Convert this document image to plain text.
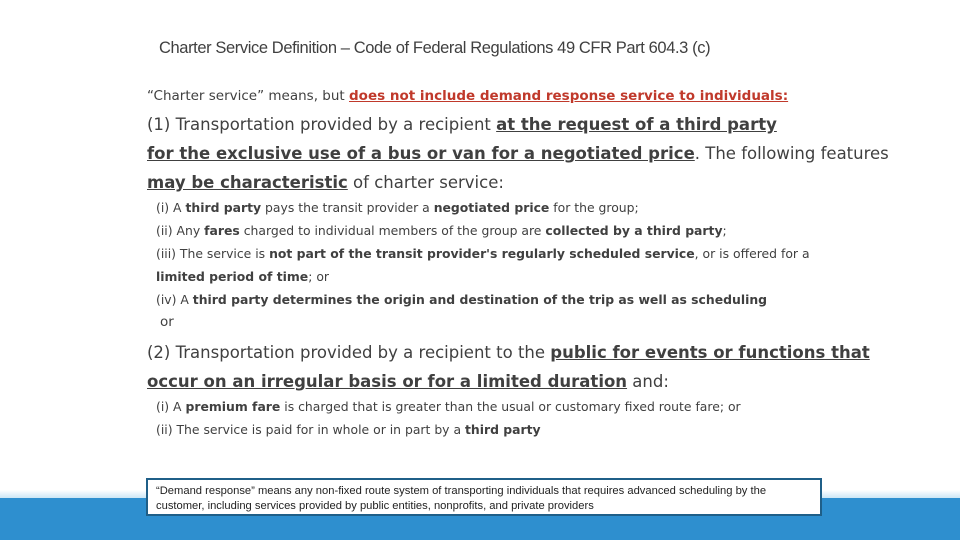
Charter Service Definition – Code of Federal Regulations 49 CFR Part 604.3 (c)
“Charter service” means, but does not include demand response service to individuals:
(1) Transportation provided by a recipient at the request of a third party
for the exclusive use of a bus or van for a negotiated price. The following features
may be characteristic of charter service:
(i) A third party pays the transit provider a negotiated price for the group;
(ii) Any fares charged to individual members of the group are collected by a third party;
(iii) The service is not part of the transit provider's regularly scheduled service, or is offered for a
limited period of time; or
(iv) A third party determines the origin and destination of the trip as well as scheduling
or
(2) Transportation provided by a recipient to the public for events or functions that
occur on an irregular basis or for a limited duration and:
(i) A premium fare is charged that is greater than the usual or customary fixed route fare; or
(ii) The service is paid for in whole or in part by a third party
“Demand response” means any non-fixed route system of transporting individuals that requires advanced scheduling by the
customer, including services provided by public entities, nonprofits, and private providers
